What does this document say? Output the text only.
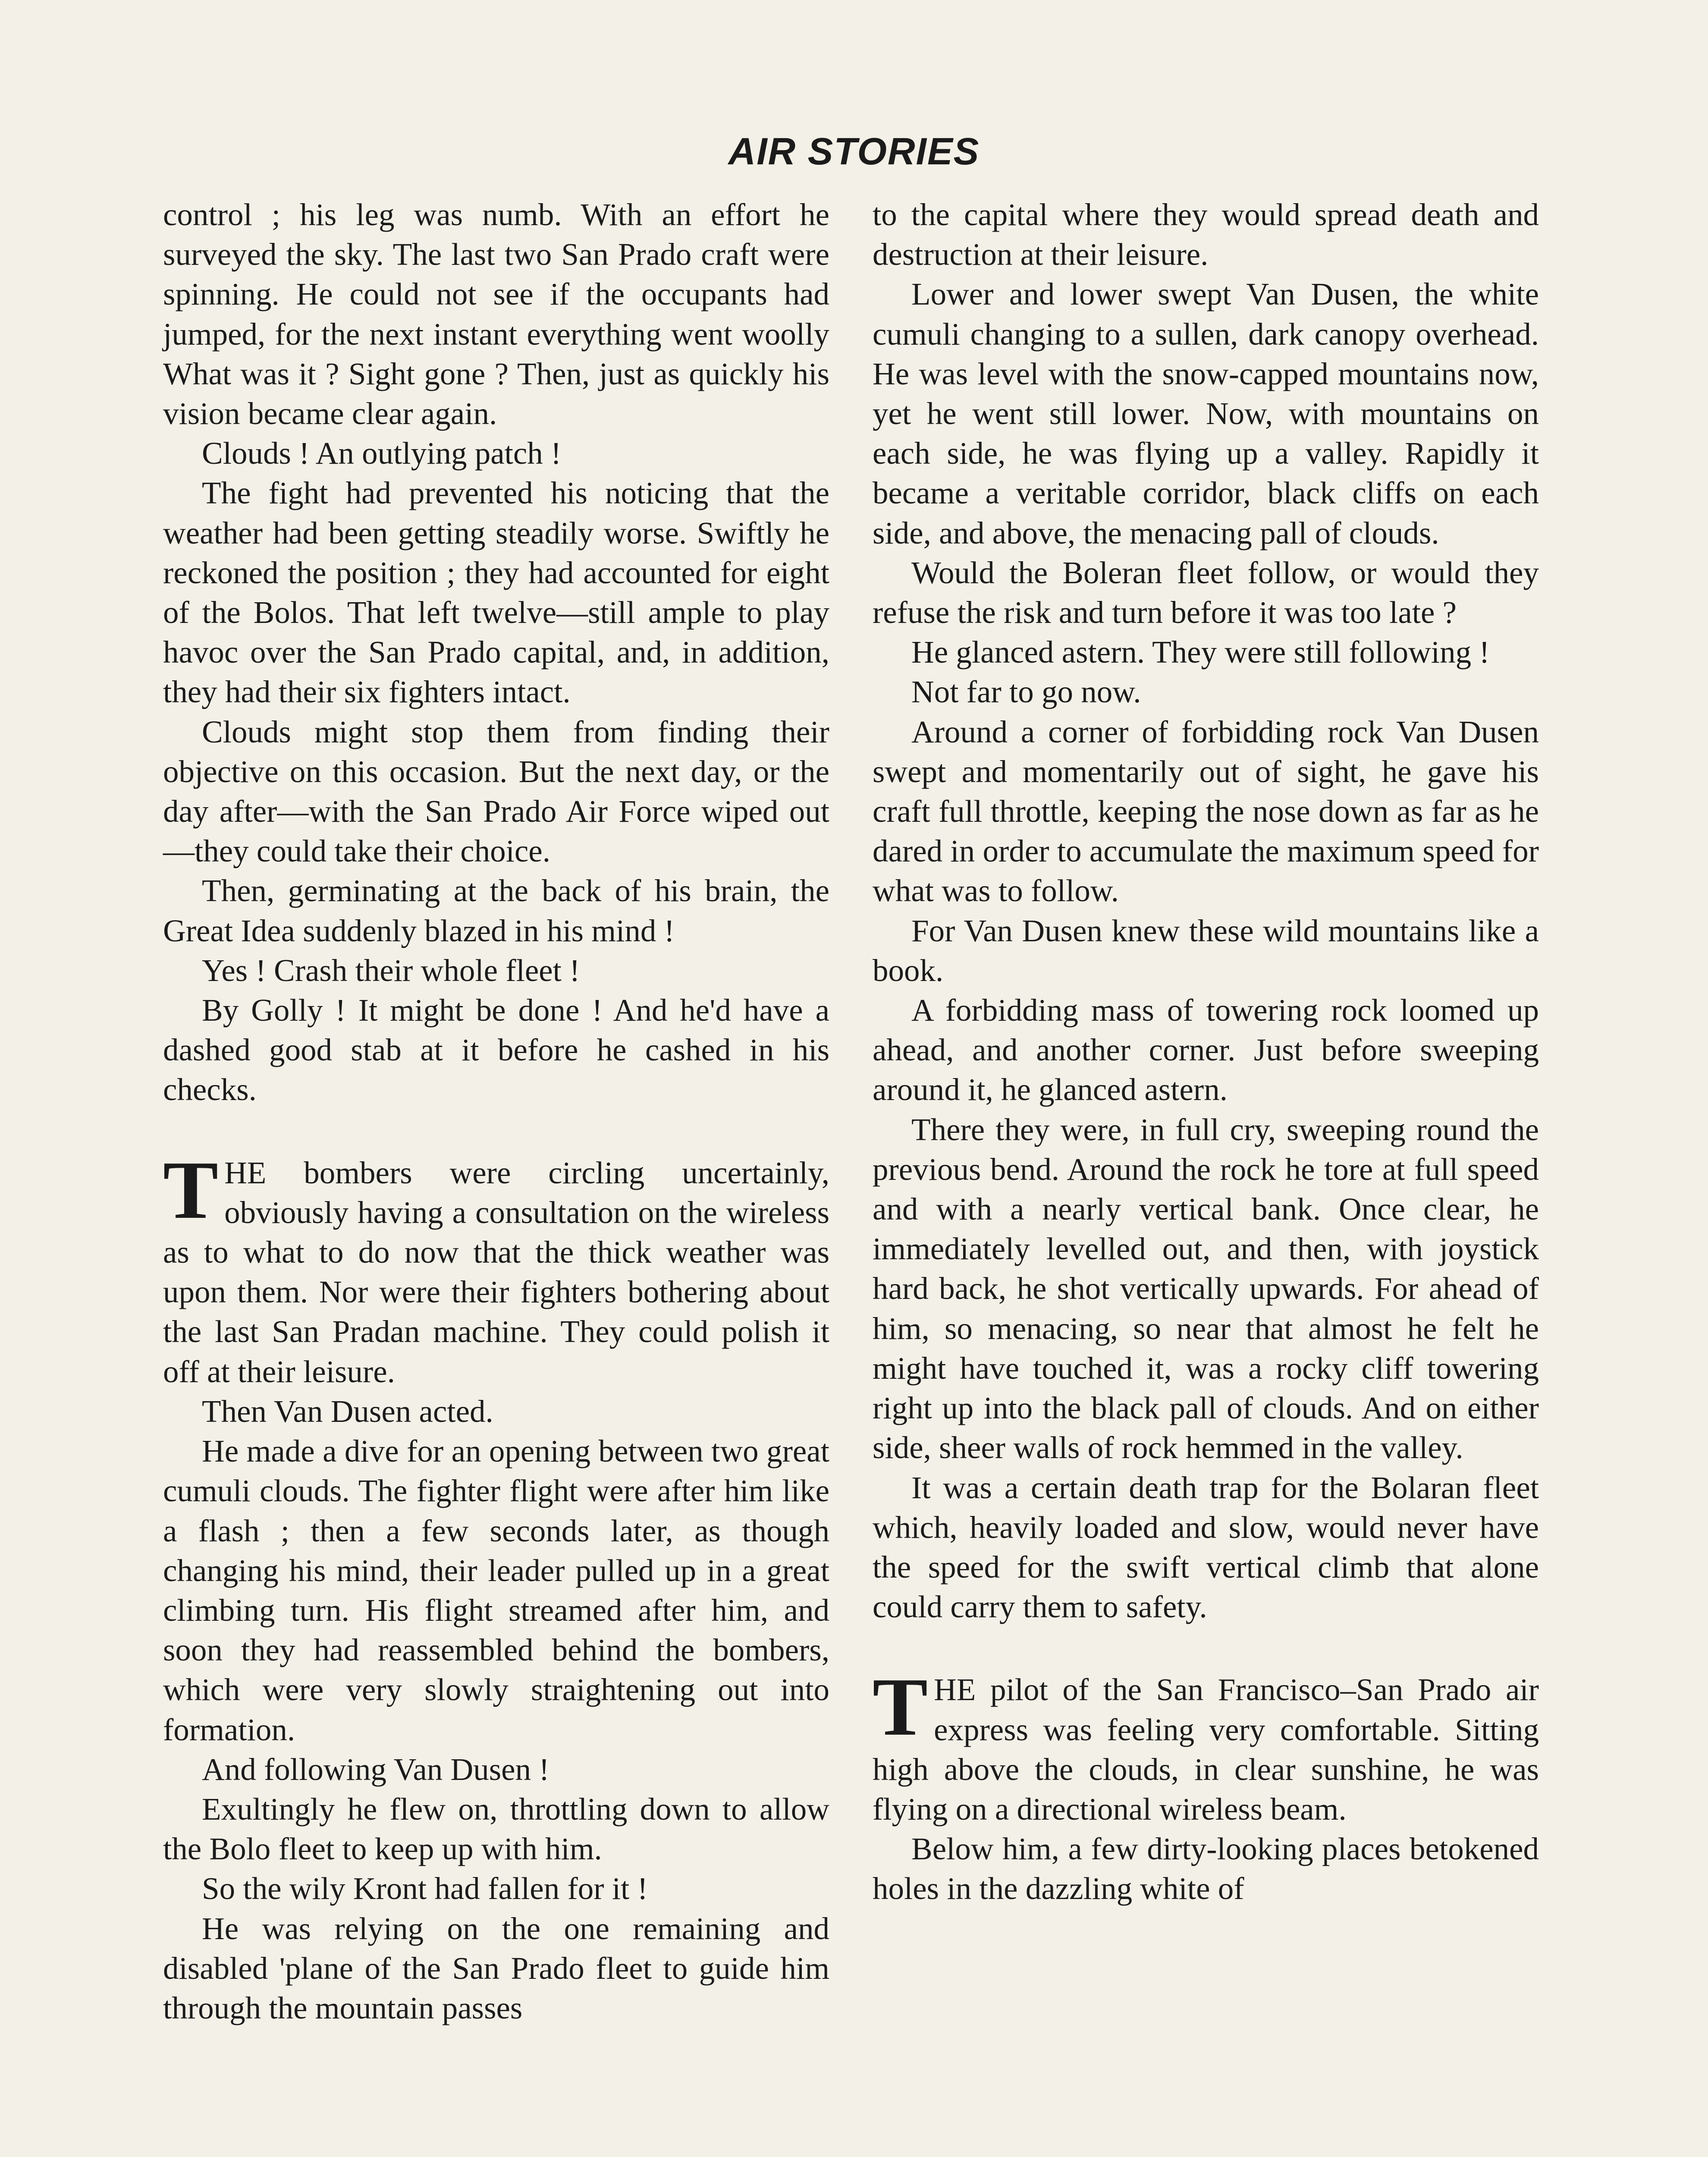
AIR STORIES

control ; his leg was numb. With an effort he surveyed the sky. The last two San Prado craft were spinning. He could not see if the occupants had jumped, for the next instant everything went woolly What was it ? Sight gone ? Then, just as quickly his vision became clear again.

Clouds ! An outlying patch !

The fight had prevented his noticing that the weather had been getting steadily worse. Swiftly he reckoned the position ; they had accounted for eight of the Bolos. That left twelve—still ample to play havoc over the San Prado capital, and, in addition, they had their six fighters intact.

Clouds might stop them from finding their objective on this occasion. But the next day, or the day after—with the San Prado Air Force wiped out—they could take their choice.

Then, germinating at the back of his brain, the Great Idea suddenly blazed in his mind !

Yes ! Crash their whole fleet !

By Golly ! It might be done ! And he'd have a dashed good stab at it before he cashed in his checks.

THE bombers were circling uncertainly, obviously having a consultation on the wireless as to what to do now that the thick weather was upon them. Nor were their fighters bothering about the last San Pradan machine. They could polish it off at their leisure.

Then Van Dusen acted.

He made a dive for an opening between two great cumuli clouds. The fighter flight were after him like a flash ; then a few seconds later, as though changing his mind, their leader pulled up in a great climbing turn. His flight streamed after him, and soon they had reassembled behind the bombers, which were very slowly straightening out into formation.

And following Van Dusen !

Exultingly he flew on, throttling down to allow the Bolo fleet to keep up with him.

So the wily Kront had fallen for it !

He was relying on the one remaining and disabled 'plane of the San Prado fleet to guide him through the mountain passes

to the capital where they would spread death and destruction at their leisure.

Lower and lower swept Van Dusen, the white cumuli changing to a sullen, dark canopy overhead. He was level with the snow-capped mountains now, yet he went still lower. Now, with mountains on each side, he was flying up a valley. Rapidly it became a veritable corridor, black cliffs on each side, and above, the menacing pall of clouds.

Would the Boleran fleet follow, or would they refuse the risk and turn before it was too late ?

He glanced astern. They were still following !

Not far to go now.

Around a corner of forbidding rock Van Dusen swept and momentarily out of sight, he gave his craft full throttle, keeping the nose down as far as he dared in order to accumulate the maximum speed for what was to follow.

For Van Dusen knew these wild mountains like a book.

A forbidding mass of towering rock loomed up ahead, and another corner. Just before sweeping around it, he glanced astern.

There they were, in full cry, sweeping round the previous bend. Around the rock he tore at full speed and with a nearly vertical bank. Once clear, he immediately levelled out, and then, with joystick hard back, he shot vertically upwards. For ahead of him, so menacing, so near that almost he felt he might have touched it, was a rocky cliff towering right up into the black pall of clouds. And on either side, sheer walls of rock hemmed in the valley.

It was a certain death trap for the Bolaran fleet which, heavily loaded and slow, would never have the speed for the swift vertical climb that alone could carry them to safety.

THE pilot of the San Francisco–San Prado air express was feeling very comfortable. Sitting high above the clouds, in clear sunshine, he was flying on a directional wireless beam.

Below him, a few dirty-looking places betokened holes in the dazzling white of
